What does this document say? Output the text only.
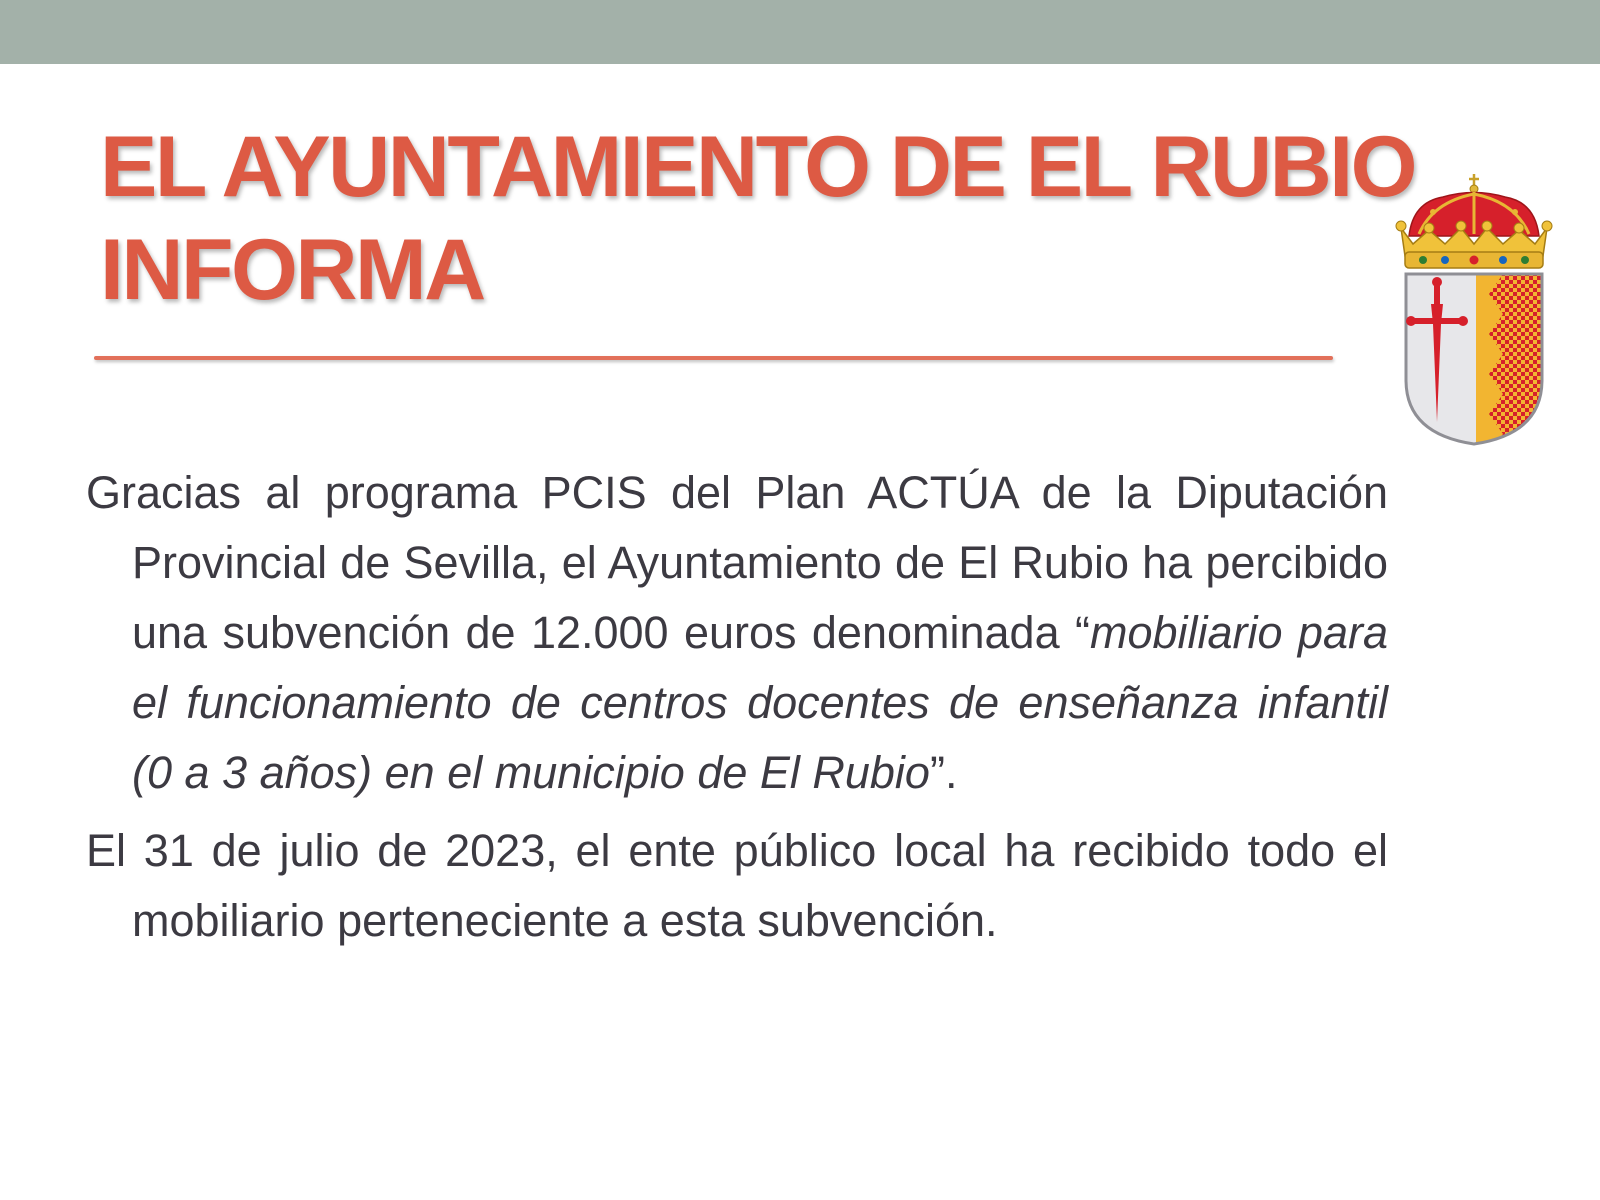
EL AYUNTAMIENTO DE EL RUBIO
INFORMA

Gracias al programa PCIS del Plan ACTÚA de la Diputación Provincial de Sevilla, el Ayuntamiento de El Rubio ha percibido una subvención de 12.000 euros denominada “mobiliario para el funcionamiento de centros docentes de enseñanza infantil (0 a 3 años) en el municipio de El Rubio”.

El 31 de julio de 2023, el ente público local ha recibido todo el mobiliario perteneciente a esta subvención.
